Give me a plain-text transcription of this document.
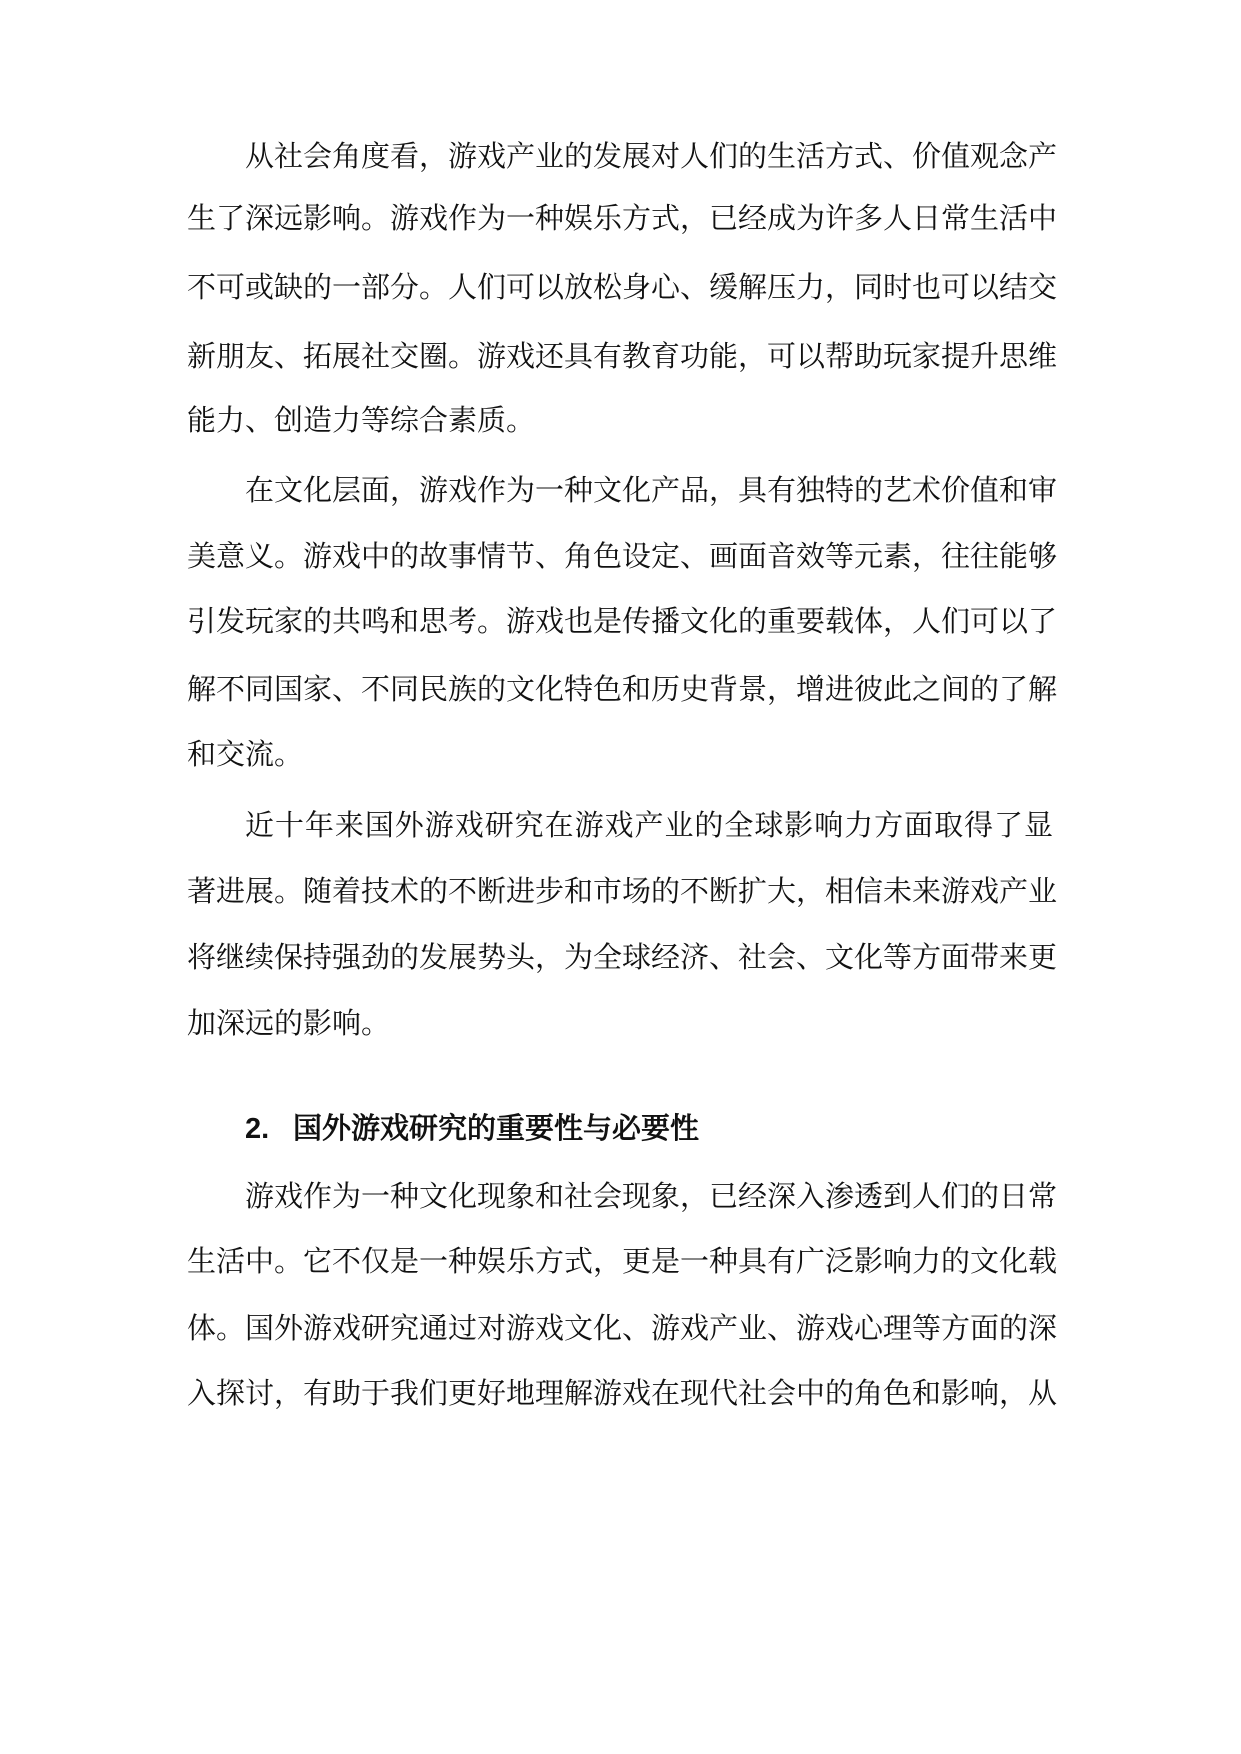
从社会角度看，游戏产业的发展对人们的生活方式、价值观念产
生了深远影响。游戏作为一种娱乐方式，已经成为许多人日常生活中
不可或缺的一部分。人们可以放松身心、缓解压力，同时也可以结交
新朋友、拓展社交圈。游戏还具有教育功能，可以帮助玩家提升思维
能力、创造力等综合素质。
在文化层面，游戏作为一种文化产品，具有独特的艺术价值和审
美意义。游戏中的故事情节、角色设定、画面音效等元素，往往能够
引发玩家的共鸣和思考。游戏也是传播文化的重要载体，人们可以了
解不同国家、不同民族的文化特色和历史背景，增进彼此之间的了解
和交流。
近十年来国外游戏研究在游戏产业的全球影响力方面取得了显
著进展。随着技术的不断进步和市场的不断扩大，相信未来游戏产业
将继续保持强劲的发展势头，为全球经济、社会、文化等方面带来更
加深远的影响。
2. 国外游戏研究的重要性与必要性
游戏作为一种文化现象和社会现象，已经深入渗透到人们的日常
生活中。它不仅是一种娱乐方式，更是一种具有广泛影响力的文化载
体。国外游戏研究通过对游戏文化、游戏产业、游戏心理等方面的深
入探讨，有助于我们更好地理解游戏在现代社会中的角色和影响，从
